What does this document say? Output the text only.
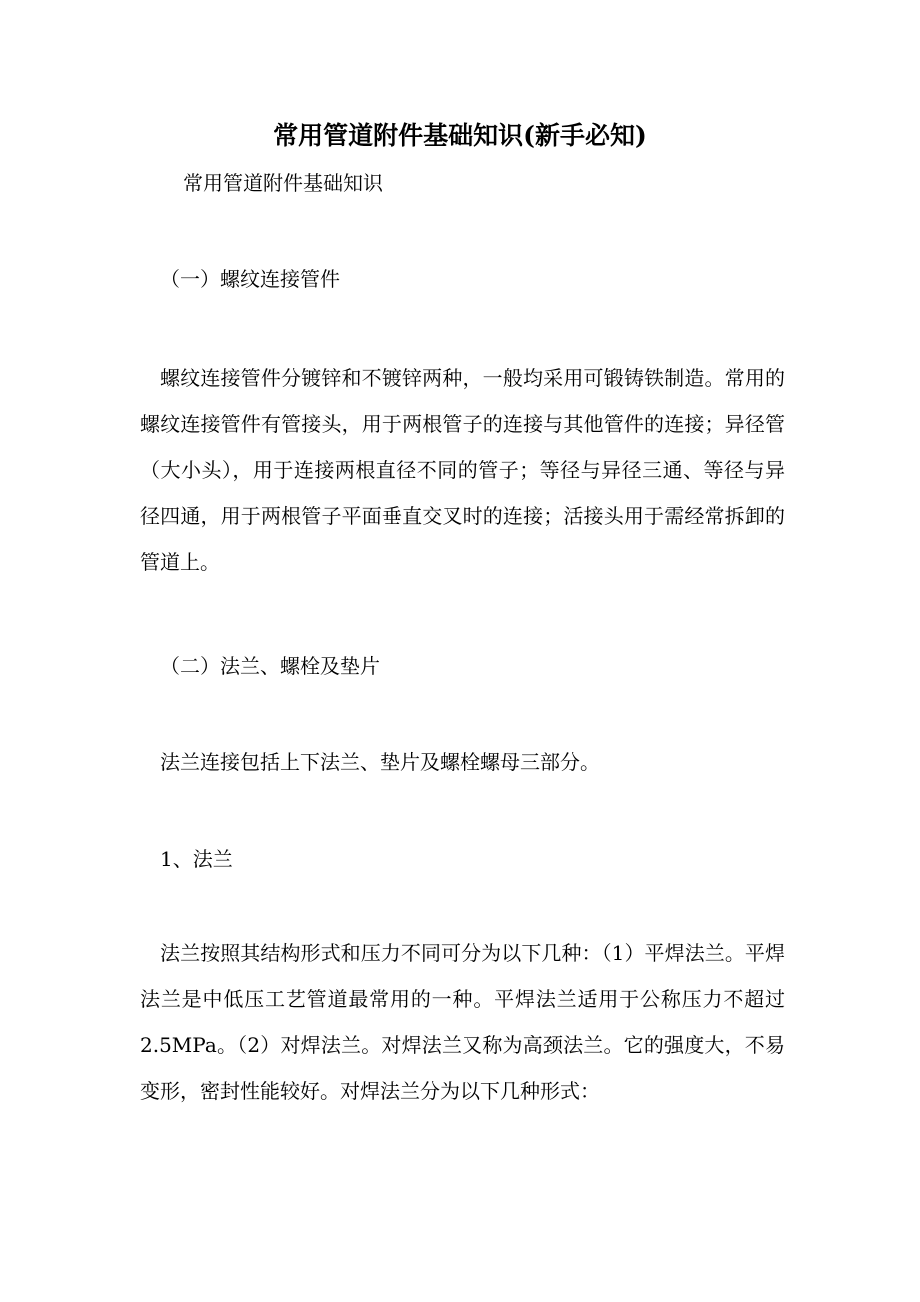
常用管道附件基础知识(新手必知)
常用管道附件基础知识
（一）螺纹连接管件
螺纹连接管件分镀锌和不镀锌两种，一般均采用可锻铸铁制造。常用的螺纹连接管件有管接头，用于两根管子的连接与其他管件的连接；异径管（大小头），用于连接两根直径不同的管子；等径与异径三通、等径与异径四通，用于两根管子平面垂直交叉时的连接；活接头用于需经常拆卸的管道上。
（二）法兰、螺栓及垫片
法兰连接包括上下法兰、垫片及螺栓螺母三部分。
1、法兰
法兰按照其结构形式和压力不同可分为以下几种：（1）平焊法兰。平焊法兰是中低压工艺管道最常用的一种。平焊法兰适用于公称压力不超过 2.5MPa。（2）对焊法兰。对焊法兰又称为高颈法兰。它的强度大，不易变形，密封性能较好。对焊法兰分为以下几种形式：
